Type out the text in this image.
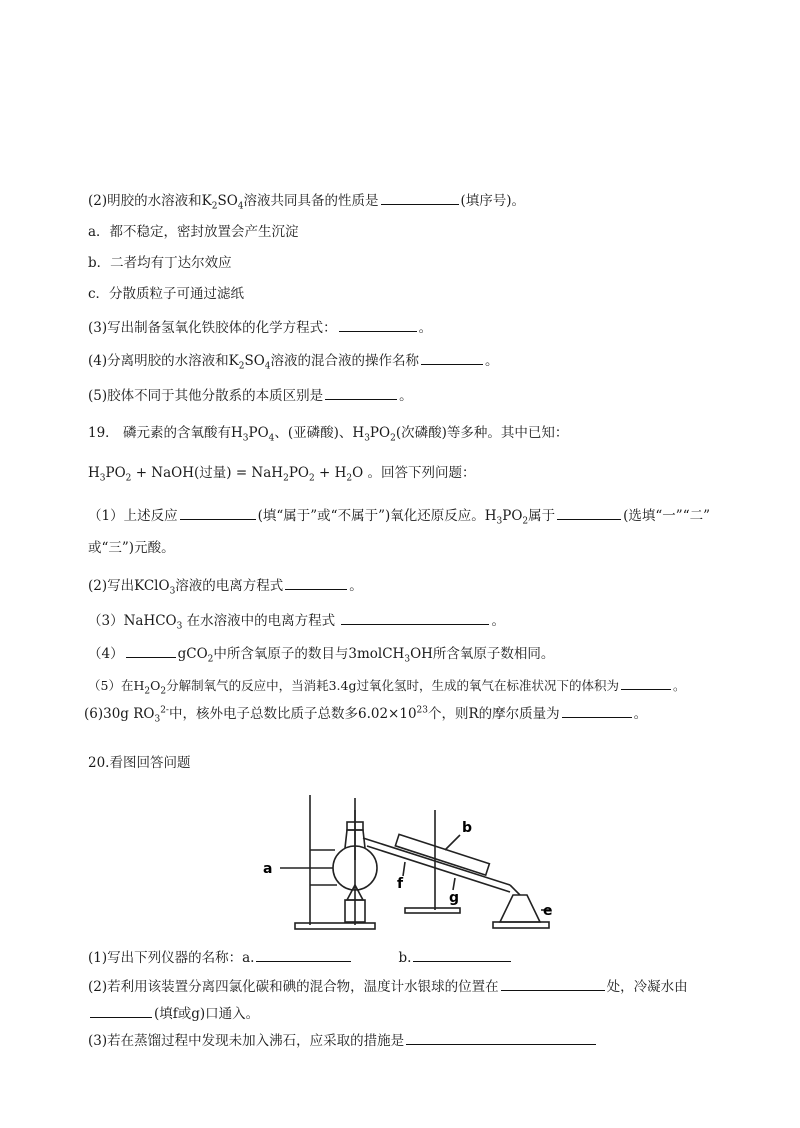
(2)明胶的水溶液和$K_2SO_4$溶液共同具备的性质是	(填序号)。
a．都不稳定，密封放置会产生沉淀
b．二者均有丁达尔效应
c．分散质粒子可通过滤纸
(3)写出制备氢氧化铁胶体的化学方程式：	。
(4)分离明胶的水溶液和$K_2SO_4$溶液的混合液的操作名称	。
(5)胶体不同于其他分散系的本质区别是	。
19． 磷元素的含氧酸有$H_3PO_4$、(亚磷酸)、$H_3PO_2$(次磷酸)等多种。其中已知：
$H_3PO_2$ + NaOH(过量) = $NaH_2PO_2 + H_2O$ 。回答下列问题：
（1）上述反应	(填“属于”或“不属于”)氧化还原反应。$H_3PO_2$属于	(选填“一”“二”
或“三”)元酸。
(2)写出KClO$_3$溶液的电离方程式	。
（3）NaHCO$_3$ 在水溶液中的电离方程式	。
（4）	gCO$_2$中所含氧原子的数目与3molCH$_3$OH所含氧原子数相同。
（5）在$H_2O_2$分解制氧气的反应中，当消耗3.4g过氧化氢时，生成的氧气在标准状况下的体积为	。
(6)30g $RO_3^{2-}$中，核外电子总数比质子总数多$6.02\times 10^{23}$个，则R的摩尔质量为	。
20.看图回答问题
a
b
f
g
e
(1)写出下列仪器的名称：a.	b.
(2)若利用该装置分离四氯化碳和碘的混合物，温度计水银球的位置在	处，冷凝水由
(填f或g)口通入。
(3)若在蒸馏过程中发现未加入沸石，应采取的措施是
